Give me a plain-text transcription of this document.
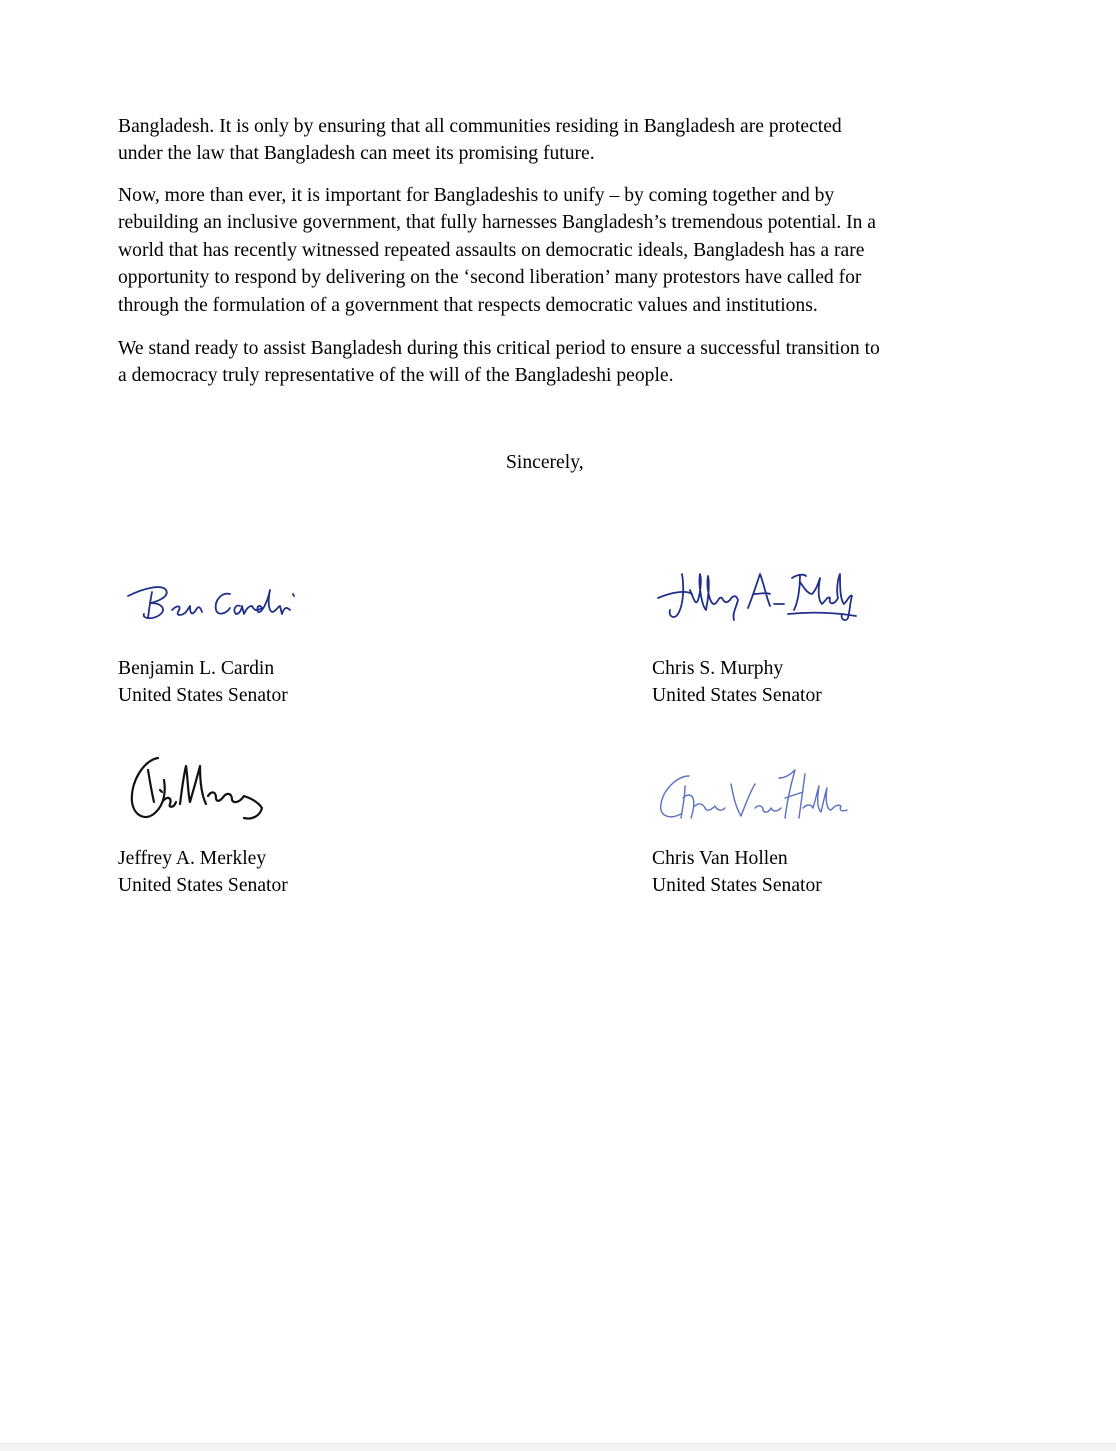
Bangladesh. It is only by ensuring that all communities residing in Bangladesh are protected
under the law that Bangladesh can meet its promising future.

Now, more than ever, it is important for Bangladeshis to unify – by coming together and by
rebuilding an inclusive government, that fully harnesses Bangladesh’s tremendous potential. In a
world that has recently witnessed repeated assaults on democratic ideals, Bangladesh has a rare
opportunity to respond by delivering on the ‘second liberation’ many protestors have called for
through the formulation of a government that respects democratic values and institutions.

We stand ready to assist Bangladesh during this critical period to ensure a successful transition to
a democracy truly representative of the will of the Bangladeshi people.

Sincerely,

Benjamin L. Cardin
United States Senator
Chris S. Murphy
United States Senator
Jeffrey A. Merkley
United States Senator
Chris Van Hollen
United States Senator
